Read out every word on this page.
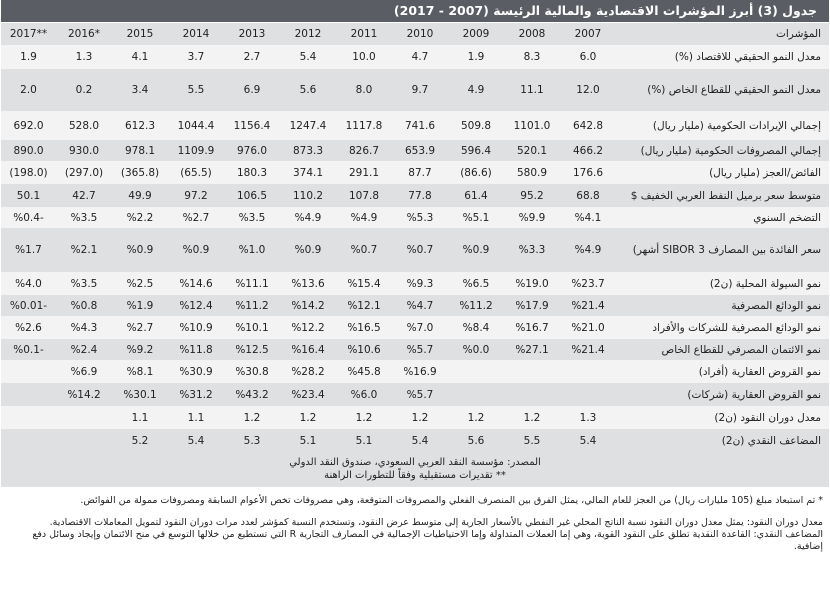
جدول (3) أبرز المؤشرات الاقتصادية والمالية الرئيسة (2007 - 2017)
2017**	2016*	2015	2014	2013	2012	2011	2010	2009	2008	2007	المؤشرات
1.9	1.3	4.1	3.7	2.7	5.4	10.0	4.7	1.9	8.3	6.0	معدل النمو الحقيقي للاقتصاد (%)
2.0	0.2	3.4	5.5	6.9	5.6	8.0	9.7	4.9	11.1	12.0	معدل النمو الحقيقي للقطاع الخاص (%)
692.0	528.0	612.3	1044.4	1156.4	1247.4	1117.8	741.6	509.8	1101.0	642.8	إجمالي الإيرادات الحكومية (مليار ريال)
890.0	930.0	978.1	1109.9	976.0	873.3	826.7	653.9	596.4	520.1	466.2	إجمالي المصروفات الحكومية (مليار ريال)
(198.0)	(297.0)	(365.8)	(65.5)	180.3	374.1	291.1	87.7	(86.6)	580.9	176.6	الفائض/العجز (مليار ريال)
50.1	42.7	49.9	97.2	106.5	110.2	107.8	77.8	61.4	95.2	68.8	متوسط سعر برميل النفط العربي الخفيف $
%0.4-	%3.5	%2.2	%2.7	%3.5	%4.9	%4.9	%5.3	%5.1	%9.9	%4.1	التضخم السنوي
%1.7	%2.1	%0.9	%0.9	%1.0	%0.9	%0.7	%0.7	%0.9	%3.3	%4.9	سعر الفائدة بين المصارف 3 SIBOR أشهر)
%4.0	%3.5	%2.5	%14.6	%11.1	%13.6	%15.4	%9.3	%6.5	%19.0	%23.7	نمو السيولة المحلية (ن2)
%0.01-	%0.8	%1.9	%12.4	%11.2	%14.2	%12.1	%4.7	%11.2	%17.9	%21.4	نمو الودائع المصرفية
%2.6	%4.3	%2.7	%10.9	%10.1	%12.2	%16.5	%7.0	%8.4	%16.7	%21.0	نمو الودائع المصرفية للشركات والأفراد
%0.1-	%2.4	%9.2	%11.8	%12.5	%16.4	%10.6	%5.7	%0.0	%27.1	%21.4	نمو الائتمان المصرفي للقطاع الخاص
	%6.9	%8.1	%30.9	%30.8	%28.2	%45.8	%16.9				نمو القروض العقارية (أفراد)
	%14.2	%30.1	%31.2	%43.2	%23.4	%6.0	%5.7				نمو القروض العقارية (شركات)
		1.1	1.1	1.2	1.2	1.2	1.2	1.2	1.2	1.3	معدل دوران النقود (ن2)
		5.2	5.4	5.3	5.1	5.1	5.4	5.6	5.5	5.4	المضاعف النقدي (ن2)
المصدر: مؤسسة النقد العربي السعودي، صندوق النقد الدولي
** تقديرات مستقبلية وفقاً للتطورات الراهنة
* تم استبعاد مبلغ (105 مليارات ريال) من العجز للعام المالي، يمثل الفرق بين المنصرف الفعلي والمصروفات المتوقعة، وهي مصروفات تخص الأعوام السابقة ومصروفات ممولة من الفوائض.

معدل دوران النقود: يمثل معدل دوران النقود نسبة الناتج المحلي غير النفطي بالأسعار الجارية إلى متوسط عرض النقود، وتستخدم النسبة كمؤشر لعدد مرات دوران النقود لتمويل المعاملات الاقتصادية.

المضاعف النقدي: القاعدة النقدية تطلق على النقود القوية، وهي إما العملات المتداولة وإما الاحتياطيات الإجمالية في المصارف التجارية R التي تستطيع من خلالها التوسع في منح الائتمان وإيجاد وسائل دفع إضافية.
